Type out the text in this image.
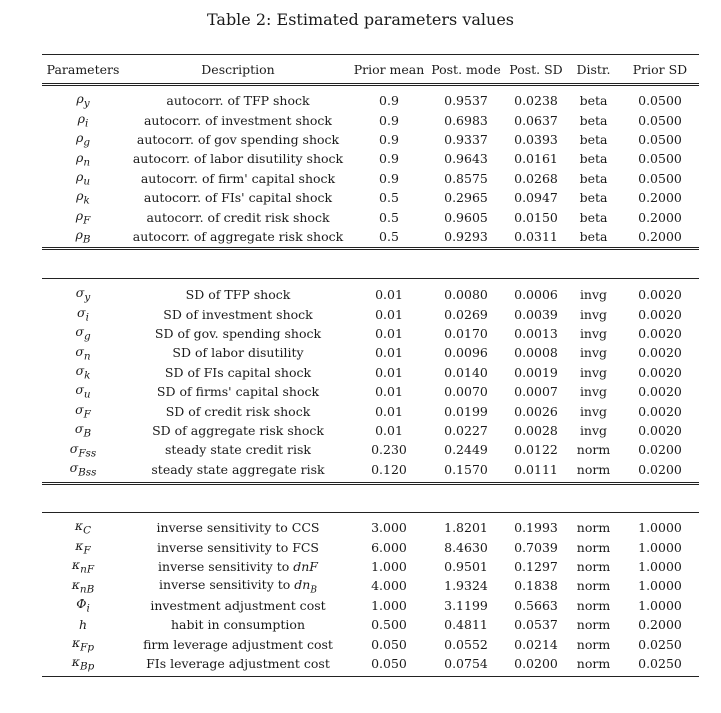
Table 2: Estimated parameters values
Parameters	Description	Prior mean	Post. mode	Post. SD	Distr.	Prior SD

$\rho_y$	autocorr. of TFP shock	0.9	0.9537	0.0238	beta	0.0500
$\rho_i$	autocorr. of investment shock	0.9	0.6983	0.0637	beta	0.0500
$\rho_g$	autocorr. of gov spending shock	0.9	0.9337	0.0393	beta	0.0500
$\rho_n$	autocorr. of labor disutility shock	0.9	0.9643	0.0161	beta	0.0500
$\rho_u$	autocorr. of firm' capital shock	0.9	0.8575	0.0268	beta	0.0500
$\rho_k$	autocorr. of FIs' capital shock	0.5	0.2965	0.0947	beta	0.2000
$\rho_F$	autocorr. of credit risk shock	0.5	0.9605	0.0150	beta	0.2000
$\rho_B$	autocorr. of aggregate risk shock	0.5	0.9293	0.0311	beta	0.2000

$\sigma_y$	SD of TFP shock	0.01	0.0080	0.0006	invg	0.0020
$\sigma_i$	SD of investment shock	0.01	0.0269	0.0039	invg	0.0020
$\sigma_g$	SD of gov. spending shock	0.01	0.0170	0.0013	invg	0.0020
$\sigma_n$	SD of labor disutility	0.01	0.0096	0.0008	invg	0.0020
$\sigma_k$	SD of FIs capital shock	0.01	0.0140	0.0019	invg	0.0020
$\sigma_u$	SD of firms' capital shock	0.01	0.0070	0.0007	invg	0.0020
$\sigma_F$	SD of credit risk shock	0.01	0.0199	0.0026	invg	0.0020
$\sigma_B$	SD of aggregate risk shock	0.01	0.0227	0.0028	invg	0.0020
$\sigma_{Fss}$	steady state credit risk	0.230	0.2449	0.0122	norm	0.0200
$\sigma_{Bss}$	steady state aggregate risk	0.120	0.1570	0.0111	norm	0.0200

$\kappa_C$	inverse sensitivity to CCS	3.000	1.8201	0.1993	norm	1.0000
$\kappa_F$	inverse sensitivity to FCS	6.000	8.4630	0.7039	norm	1.0000
$\kappa_{nF}$	inverse sensitivity to dnF	1.000	0.9501	0.1297	norm	1.0000
$\kappa_{nB}$	inverse sensitivity to $dn_B$	4.000	1.9324	0.1838	norm	1.0000
$\Phi_i$	investment adjustment cost	1.000	3.1199	0.5663	norm	1.0000
h	habit in consumption	0.500	0.4811	0.0537	norm	0.2000
$\kappa_{Fp}$	firm leverage adjustment cost	0.050	0.0552	0.0214	norm	0.0250
$\kappa_{Bp}$	FIs leverage adjustment cost	0.050	0.0754	0.0200	norm	0.0250
